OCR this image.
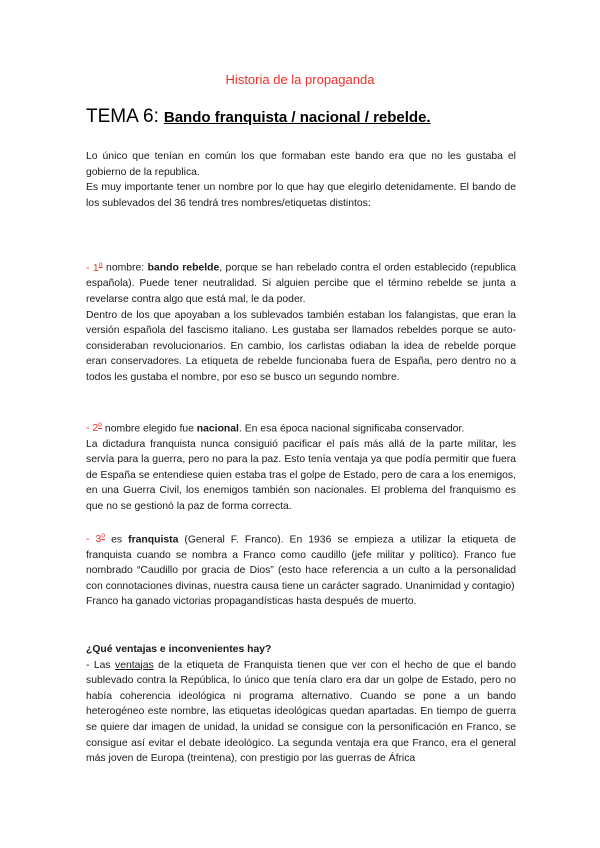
Historia de la propaganda
TEMA 6: Bando franquista / nacional / rebelde.

Lo único que tenían en común los que formaban este bando era que no les gustaba el gobierno de la republica.

Es muy importante tener un nombre por lo que hay que elegirlo detenidamente. El bando de los sublevados del 36 tendrá tres nombres/etiquetas distintos:

- 1$^o$ nombre: bando rebelde, porque se han rebelado contra el orden establecido (republica española). Puede tener neutralidad. Si alguien percibe que el término rebelde se junta a revelarse contra algo que está mal, le da poder.

Dentro de los que apoyaban a los sublevados también estaban los falangistas, que eran la versión española del fascismo italiano. Les gustaba ser llamados rebeldes porque se auto-consideraban revolucionarios. En cambio, los carlistas odiaban la idea de rebelde porque eran conservadores. La etiqueta de rebelde funcionaba fuera de España, pero dentro no a todos les gustaba el nombre, por eso se busco un segundo nombre.

- 2$^o$ nombre elegido fue nacional. En esa época nacional significaba conservador.

La dictadura franquista nunca consiguió pacificar el país más allá de la parte militar, les servía para la guerra, pero no para la paz. Esto tenía ventaja ya que podía permitir que fuera de España se entendiese quien estaba tras el golpe de Estado, pero de cara a los enemigos, en una Guerra Civil, los enemigos también son nacionales. El problema del franquismo es que no se gestionó la paz de forma correcta.

- 3$^o$ es franquista (General F. Franco). En 1936 se empieza a utilizar la etiqueta de franquista cuando se nombra a Franco como caudillo (jefe militar y político). Franco fue nombrado “Caudillo por gracia de Dios” (esto hace referencia a un culto a la personalidad con connotaciones divinas, nuestra causa tiene un carácter sagrado. Unanimidad y contagio)

Franco ha ganado victorias propagandísticas hasta después de muerto.

¿Qué ventajas e inconvenientes hay?

- Las ventajas de la etiqueta de Franquista tienen que ver con el hecho de que el bando sublevado contra la República, lo único que tenía claro era dar un golpe de Estado, pero no había coherencia ideológica ni programa alternativo. Cuando se pone a un bando heterogéneo este nombre, las etiquetas ideológicas quedan apartadas. En tiempo de guerra se quiere dar imagen de unidad, la unidad se consigue con la personificación en Franco, se consigue así evitar el debate ideológico. La segunda ventaja era que Franco, era el general más joven de Europa (treintena), con prestigio por las guerras de África
